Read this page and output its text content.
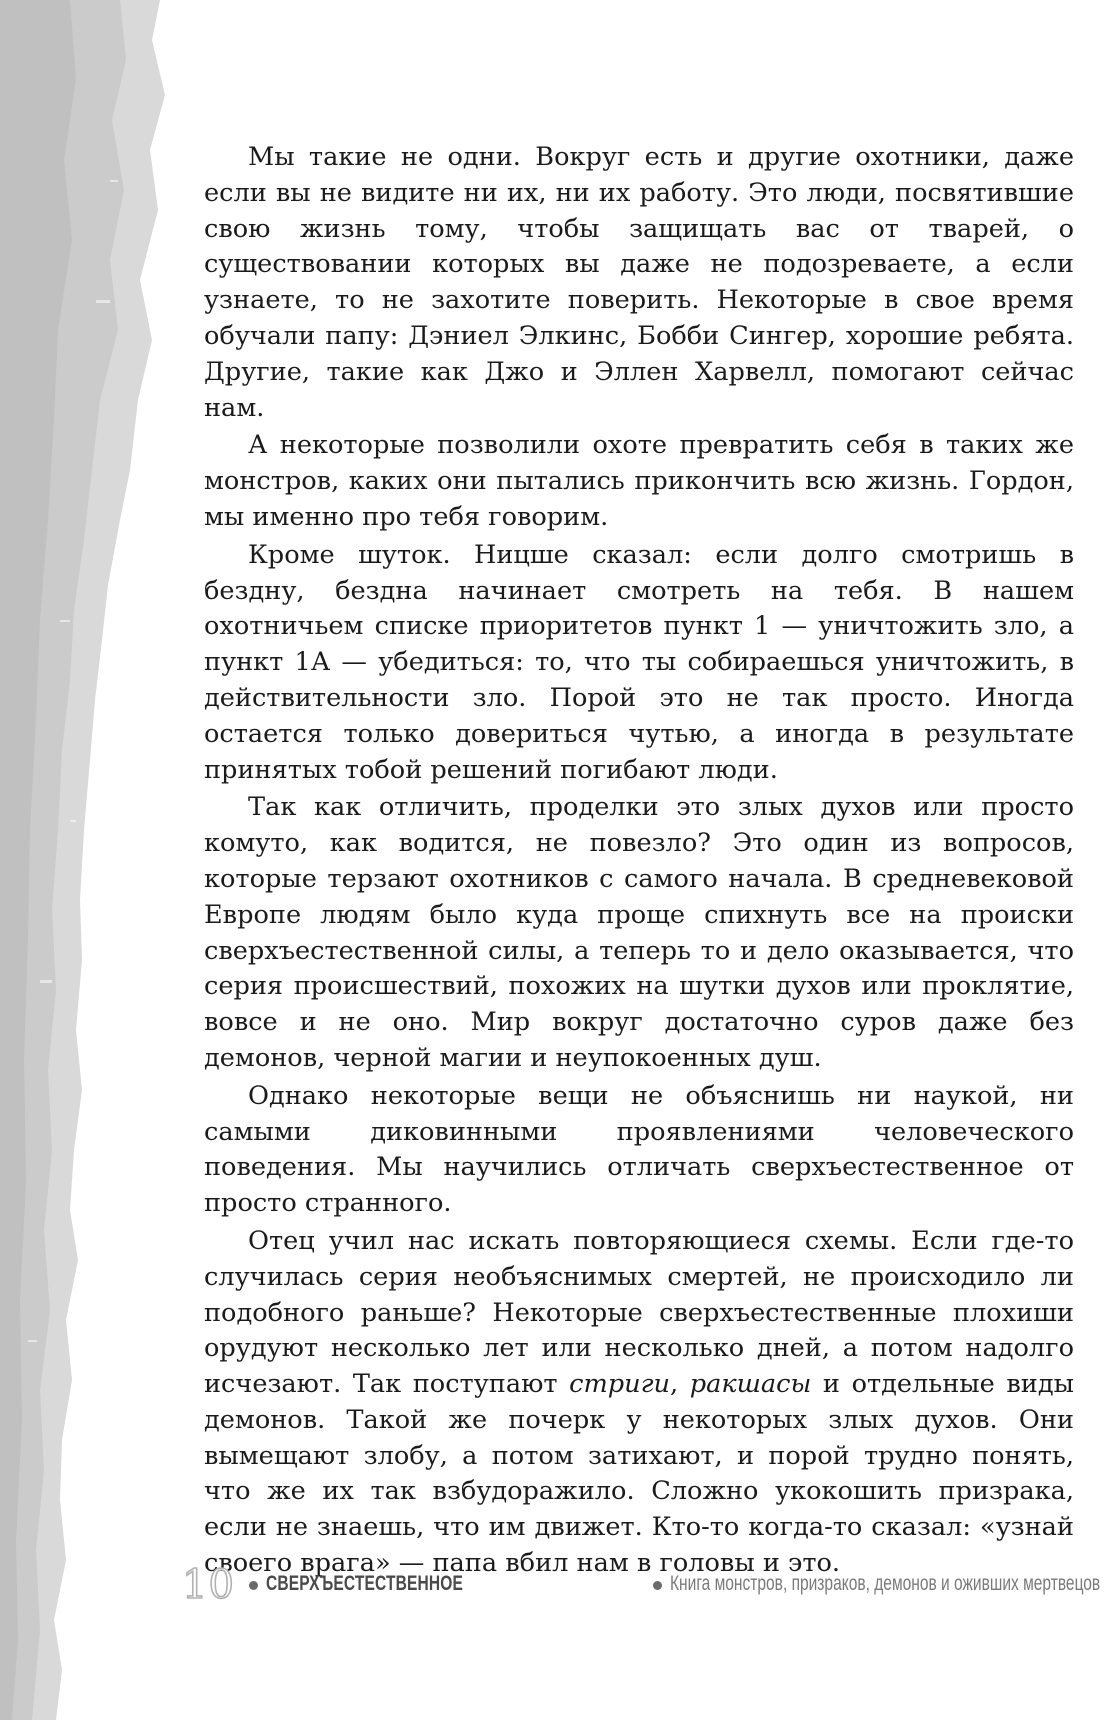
Мы такие не одни. Вокруг есть и другие охотники, даже если вы не видите ни их, ни их работу. Это люди, посвятившие свою жизнь тому, чтобы защищать вас от тварей, о существовании которых вы даже не подозреваете, а если узнаете, то не захотите поверить. Некоторые в свое время обучали папу: Дэниел Элкинс, Бобби Сингер, хорошие ребята. Другие, такие как Джо и Эллен Харвелл, помогают сейчас нам.

А некоторые позволили охоте превратить себя в таких же монстров, каких они пытались прикончить всю жизнь. Гордон, мы именно про тебя говорим.

Кроме шуток. Ницше сказал: если долго смотришь в бездну, бездна начинает смотреть на тебя. В нашем охотничьем списке приоритетов пункт 1 — уничтожить зло, а пункт 1А — убедиться: то, что ты собираешься уничтожить, в действительности зло. Порой это не так просто. Иногда остается только довериться чутью, а иногда в результате принятых тобой решений погибают люди.

Так как отличить, проделки это злых духов или просто комуто, как водится, не повезло? Это один из вопросов, которые терзают охотников с самого начала. В средневековой Европе людям было куда проще спихнуть все на происки сверхъестественной силы, а теперь то и дело оказывается, что серия происшествий, похожих на шутки духов или проклятие, вовсе и не оно. Мир вокруг достаточно суров даже без демонов, черной магии и неупокоенных душ.

Однако некоторые вещи не объяснишь ни наукой, ни самыми диковинными проявлениями человеческого поведения. Мы научились отличать сверхъестественное от просто странного.

Отец учил нас искать повторяющиеся схемы. Если где-то случилась серия необъяснимых смертей, не происходило ли подобного раньше? Некоторые сверхъестественные плохиши орудуют несколько лет или несколько дней, а потом надолго исчезают. Так поступают стриги, ракшасы и отдельные виды демонов. Такой же почерк у некоторых злых духов. Они вымещают злобу, а потом затихают, и порой трудно понять, что же их так взбудоражило. Сложно укокошить призрака, если не знаешь, что им движет. Кто-то когда-то сказал: «узнай своего врага» — папа вбил нам в головы и это.

10 СВЕРХЪЕСТЕСТВЕННОЕ	Книга монстров, призраков, демонов и оживших мертвецов
